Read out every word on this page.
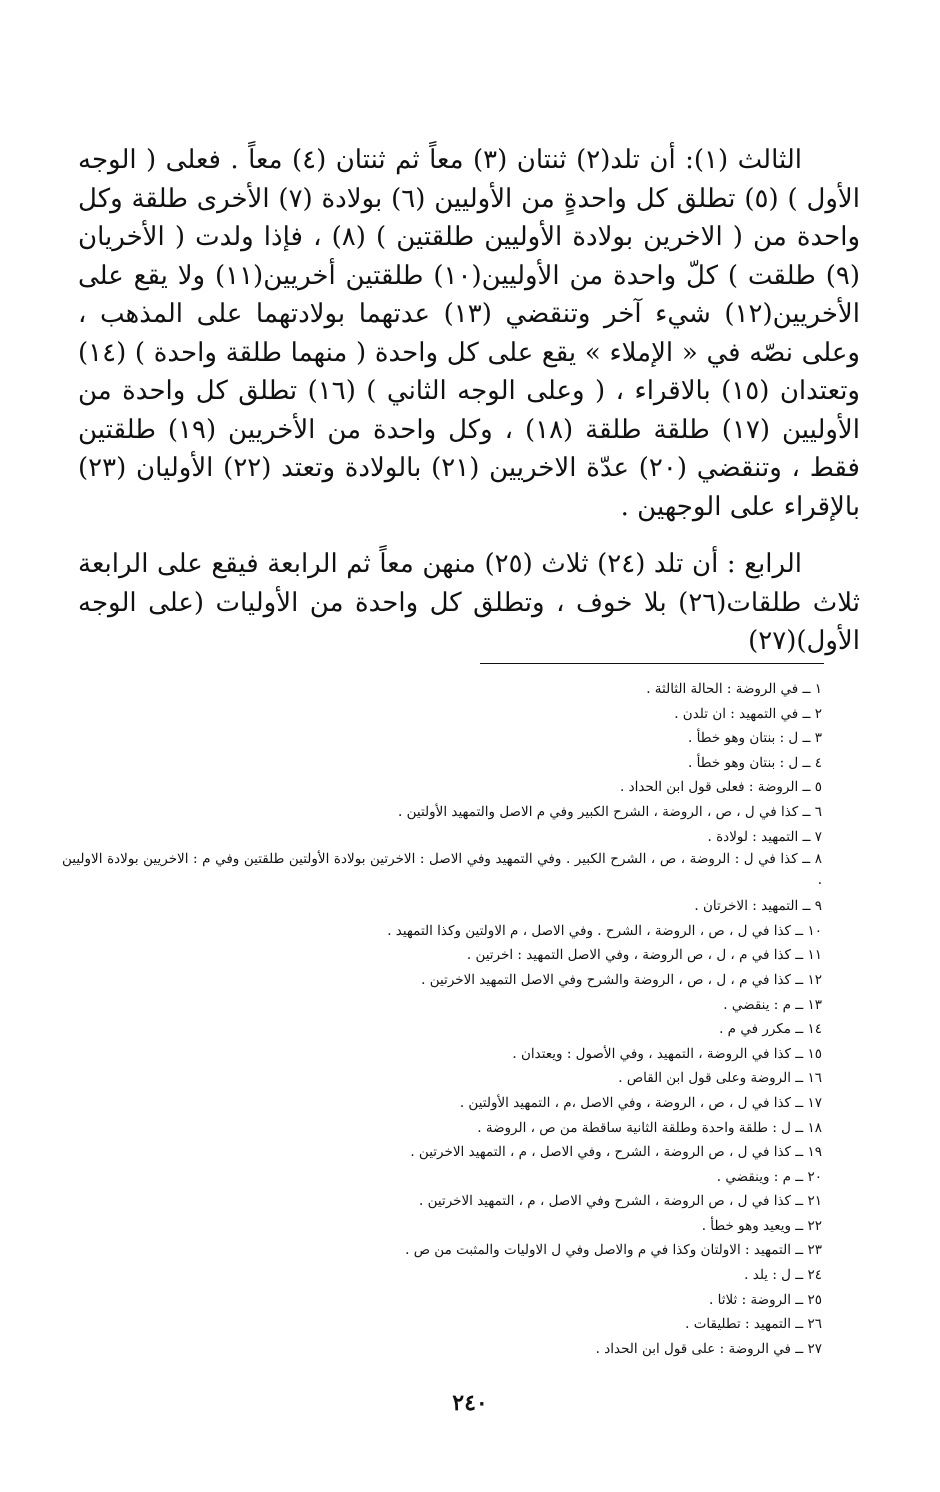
الثالث (١): أن تلد(٢) ثنتان (٣) معاً ثم ثنتان (٤) معاً . فعلى ( الوجه الأول ) (٥) تطلق كل واحدةٍ من الأوليين (٦) بولادة (٧) الأخرى طلقة وكل واحدة من ( الاخرين بولادة الأوليين طلقتين ) (٨) ، فإذا ولدت ( الأخريان (٩) طلقت ) كلّ واحدة من الأوليين(١٠) طلقتين أخريين(١١) ولا يقع على الأخريين(١٢) شيء آخر وتنقضي (١٣) عدتهما بولادتهما على المذهب ، وعلى نصّه في « الإملاء » يقع على كل واحدة ( منهما طلقة واحدة ) (١٤) وتعتدان (١٥) بالاقراء ، ( وعلى الوجه الثاني ) (١٦) تطلق كل واحدة من الأوليين (١٧) طلقة طلقة (١٨) ، وكل واحدة من الأخريين (١٩) طلقتين فقط ، وتنقضي (٢٠) عدّة الاخريين (٢١) بالولادة وتعتد (٢٢) الأوليان (٢٣) بالإقراء على الوجهين .

الرابع : أن تلد (٢٤) ثلاث (٢٥) منهن معاً ثم الرابعة فيقع على الرابعة ثلاث طلقات(٢٦) بلا خوف ، وتطلق كل واحدة من الأوليات (على الوجه الأول)(٢٧)

١ ــ في الروضة : الحالة الثالثة .
٢ ــ في التمهيد : ان تلدن .
٣ ــ ل : بنتان وهو خطأ .
٤ ــ ل : بنتان وهو خطأ .
٥ ــ الروضة : فعلى قول ابن الحداد .
٦ ــ كذا في ل ، ص ، الروضة ، الشرح الكبير وفي م الاصل والتمهيد الأولتين .
٧ ــ التمهيد : لولادة .
٨ ــ كذا في ل : الروضة ، ص ، الشرح الكبير . وفي التمهيد وفي الاصل : الاخرتين بولادة الأولتين طلقتين وفي م : الاخريين بولادة الاوليين .
٩ ــ التمهيد : الاخرتان .
١٠ ــ كذا في ل ، ص ، الروضة ، الشرح . وفي الاصل ، م الاولتين وكذا التمهيد .
١١ ــ كذا في م ، ل ، ص الروضة ، وفي الاصل التمهيد : اخرتين .
١٢ ــ كذا في م ، ل ، ص ، الروضة والشرح وفي الاصل التمهيد الاخرتين .
١٣ ــ م : ينقضي .
١٤ ــ مكرر في م .
١٥ ــ كذا في الروضة ، التمهيد ، وفي الأصول : ويعتدان .
١٦ ــ الروضة وعلى قول ابن القاص .
١٧ ــ كذا في ل ، ص ، الروضة ، وفي الاصل ،م ، التمهيد الأولتين .
١٨ ــ ل : طلقة واحدة وطلقة الثانية ساقطة من ص ، الروضة .
١٩ ــ كذا في ل ، ص الروضة ، الشرح ، وفي الاصل ، م ، التمهيد الاخرتين .
٢٠ ــ م : وينقضي .
٢١ ــ كذا في ل ، ص الروضة ، الشرح وفي الاصل ، م ، التمهيد الاخرتين .
٢٢ ــ ويعيد وهو خطأ .
٢٣ ــ التمهيد : الاولتان وكذا في م والاصل وفي ل الاوليات والمثبت من ص .
٢٤ ــ ل : يلد .
٢٥ ــ الروضة : ثلاثا .
٢٦ ــ التمهيد : تطليقات .
٢٧ ــ في الروضة : على قول ابن الحداد .
٢٤٠
